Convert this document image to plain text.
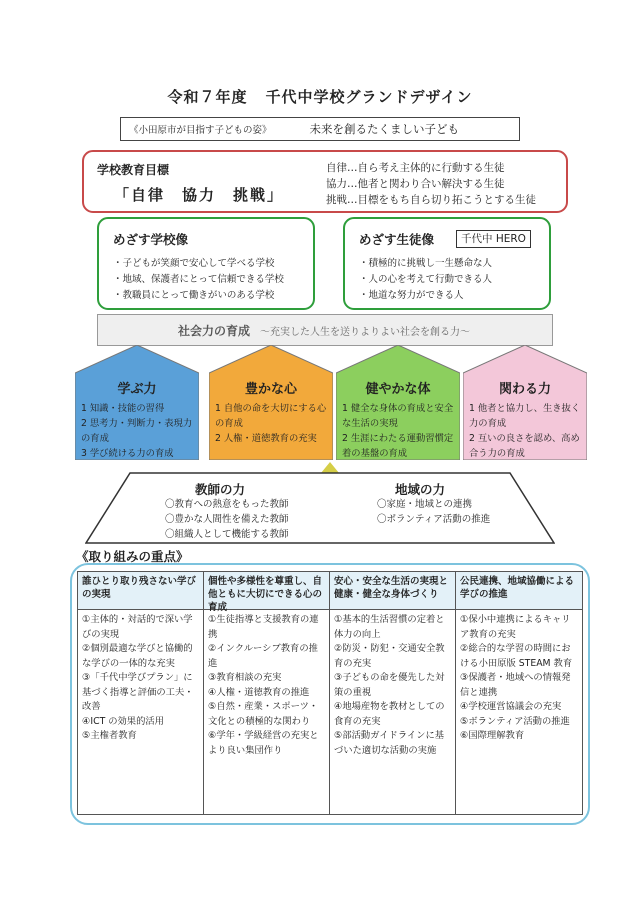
令和７年度 千代中学校グランドデザイン
《小田原市が目指す子どもの姿》	未来を創るたくましい子ども
学校教育目標
「自律　協力　挑戦」
自律…自ら考え主体的に行動する生徒
協力…他者と関わり合い解決する生徒
挑戦…目標をもち自ら切り拓こうとする生徒
めざす学校像
・ 子どもが笑顔で安心して学べる学校
・ 地域、保護者にとって信頼できる学校
・ 教職員にとって働きがいのある学校
めざす生徒像	千代中 HERO
・ 積極的に挑戦し一生懸命な人
・ 人の心を考えて行動できる人
・ 地道な努力ができる人
社会力の育成 ～充実した人生を送りよりよい社会を創る力～
学ぶ力
1 知識・技能の習得
2 思考力・判断力・表現力の育成
3 学び続ける力の育成
豊かな心
1 自他の命を大切にする心の育成
2 人権・道徳教育の充実
健やかな体
1 健全な身体の育成と安全な生活の実現
2 生涯にわたる運動習慣定着の基盤の育成
関わる力
1 他者と協力し、生き抜く力の育成
2 互いの良さを認め、高め合う力の育成
教師の力
〇教育への熱意をもった教師
〇豊かな人間性を備えた教師
〇組織人として機能する教師
地域の力
〇家庭・地域との連携
〇ボランティア活動の推進
《取り組みの重点》
誰ひとり取り残さない学びの実現
①主体的・対話的で深い学びの実現
②個別最適な学びと協働的な学びの一体的な充実
③「千代中学びプラン」に基づく指導と評価の工夫・改善
④ICT の効果的活用
⑤主権者教育
個性や多様性を尊重し、自他ともに大切にできる心の育成
①生徒指導と支援教育の連携
②インクルーシブ教育の推進
③教育相談の充実
④人権・道徳教育の推進
⑤自然・産業・スポーツ・文化との積極的な関わり
⑥学年・学級経営の充実とより良い集団作り
安心・安全な生活の実現と健康・健全な身体づくり
①基本的生活習慣の定着と体力の向上
②防災・防犯・交通安全教育の充実
③子どもの命を優先した対策の重視
④地場産物を教材としての食育の充実
⑤部活動ガイドラインに基づいた適切な活動の実施
公民連携、地域協働による学びの推進
①保小中連携によるキャリア教育の充実
②総合的な学習の時間における小田原版 STEAM 教育
③保護者・地域への情報発信と連携
④学校運営協議会の充実
⑤ボランティア活動の推進
⑥国際理解教育
